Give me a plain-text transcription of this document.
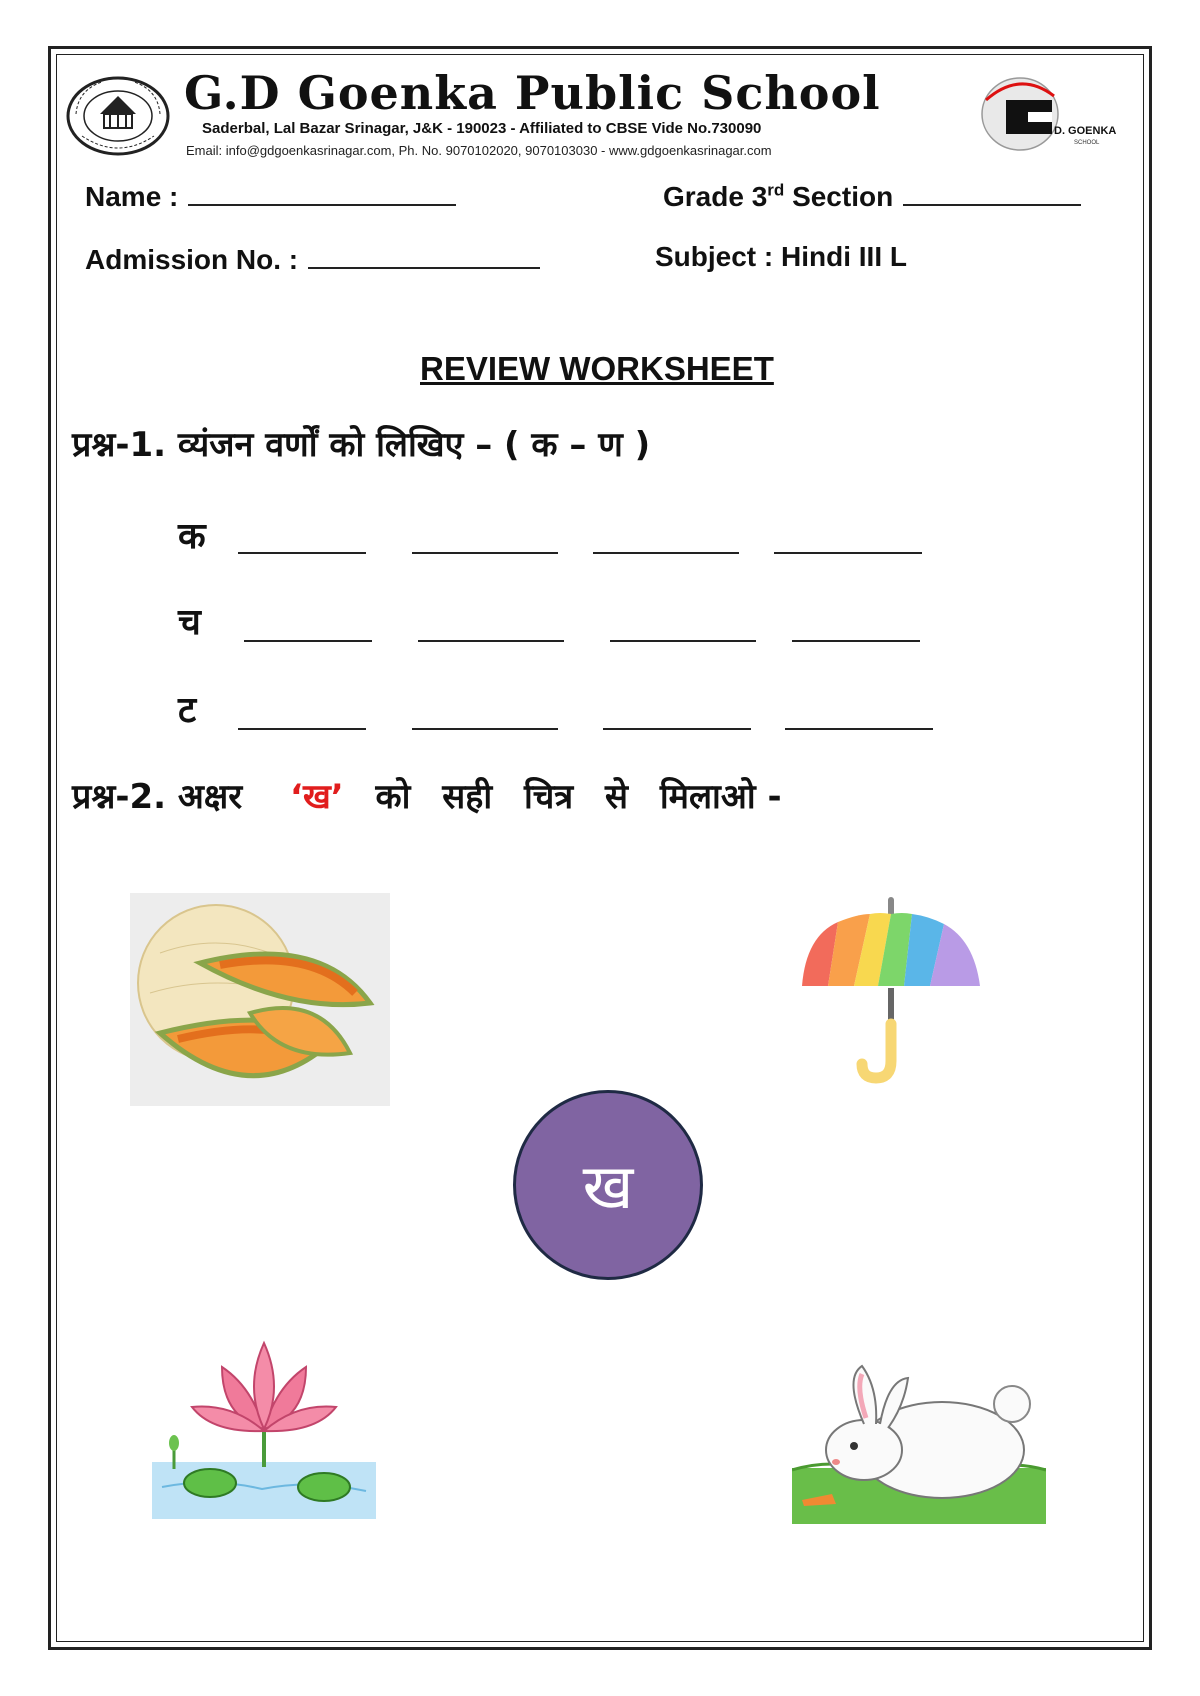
G.D Goenka Public School
Saderbal, Lal Bazar Srinagar, J&K - 190023 - Affiliated to CBSE Vide No.730090
Email: info@gdgoenkasrinagar.com, Ph. No. 9070102020, 9070103030 - www.gdgoenkasrinagar.com
D. GOENKA
SCHOOL
Name :	Grade 3rd Section
Admission No. :	Subject : Hindi III L
REVIEW WORKSHEET
प्रश्न-1. व्यंजन वर्णों को लिखिए – ( क – ण )
क
च
ट
प्रश्न-2. अक्षर ‘ख’ को सही चित्र से मिलाओ -
ख
